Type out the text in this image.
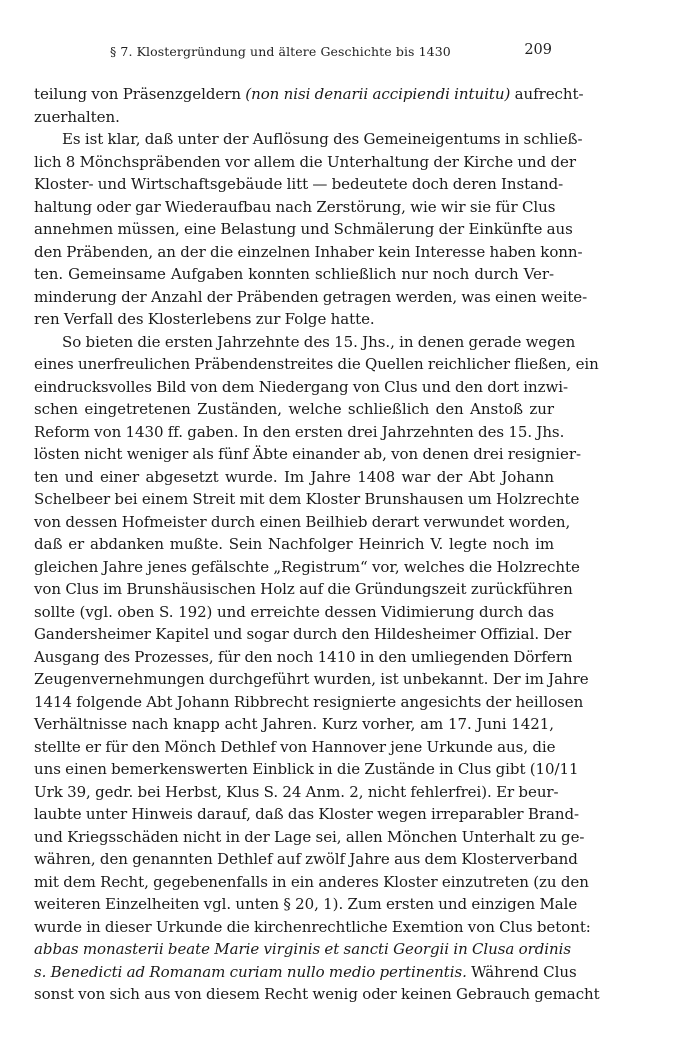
§ 7. Klostergründung und ältere Geschichte bis 1430	209
teilung von Präsenzgeldern (non nisi denarii accipiendi intuitu) aufrecht-
zuerhalten.
Es ist klar, daß unter der Auflösung des Gemeineigentums in schließ-
lich 8 Mönchspräbenden vor allem die Unterhaltung der Kirche und der
Kloster- und Wirtschaftsgebäude litt — bedeutete doch deren Instand-
haltung oder gar Wiederaufbau nach Zerstörung, wie wir sie für Clus
annehmen müssen, eine Belastung und Schmälerung der Einkünfte aus
den Präbenden, an der die einzelnen Inhaber kein Interesse haben konn-
ten. Gemeinsame Aufgaben konnten schließlich nur noch durch Ver-
minderung der Anzahl der Präbenden getragen werden, was einen weite-
ren Verfall des Klosterlebens zur Folge hatte.
So bieten die ersten Jahrzehnte des 15. Jhs., in denen gerade wegen
eines unerfreulichen Präbendenstreites die Quellen reichlicher fließen, ein
eindrucksvolles Bild von dem Niedergang von Clus und den dort inzwi-
schen eingetretenen Zuständen, welche schließlich den Anstoß zur
Reform von 1430 ff. gaben. In den ersten drei Jahrzehnten des 15. Jhs.
lösten nicht weniger als fünf Äbte einander ab, von denen drei resignier-
ten und einer abgesetzt wurde. Im Jahre 1408 war der Abt Johann
Schelbeer bei einem Streit mit dem Kloster Brunshausen um Holzrechte
von dessen Hofmeister durch einen Beilhieb derart verwundet worden,
daß er abdanken mußte. Sein Nachfolger Heinrich V. legte noch im
gleichen Jahre jenes gefälschte „Registrum“ vor, welches die Holzrechte
von Clus im Brunshäusischen Holz auf die Gründungszeit zurückführen
sollte (vgl. oben S. 192) und erreichte dessen Vidimierung durch das
Gandersheimer Kapitel und sogar durch den Hildesheimer Offizial. Der
Ausgang des Prozesses, für den noch 1410 in den umliegenden Dörfern
Zeugenvernehmungen durchgeführt wurden, ist unbekannt. Der im Jahre
1414 folgende Abt Johann Ribbrecht resignierte angesichts der heillosen
Verhältnisse nach knapp acht Jahren. Kurz vorher, am 17. Juni 1421,
stellte er für den Mönch Dethlef von Hannover jene Urkunde aus, die
uns einen bemerkenswerten Einblick in die Zustände in Clus gibt (10/11
Urk 39, gedr. bei Herbst, Klus S. 24 Anm. 2, nicht fehlerfrei). Er beur-
laubte unter Hinweis darauf, daß das Kloster wegen irreparabler Brand-
und Kriegsschäden nicht in der Lage sei, allen Mönchen Unterhalt zu ge-
währen, den genannten Dethlef auf zwölf Jahre aus dem Klosterverband
mit dem Recht, gegebenenfalls in ein anderes Kloster einzutreten (zu den
weiteren Einzelheiten vgl. unten § 20, 1). Zum ersten und einzigen Male
wurde in dieser Urkunde die kirchenrechtliche Exemtion von Clus betont:
abbas monasterii beate Marie virginis et sancti Georgii in Clusa ordinis
s. Benedicti ad Romanam curiam nullo medio pertinentis. Während Clus
sonst von sich aus von diesem Recht wenig oder keinen Gebrauch gemacht
